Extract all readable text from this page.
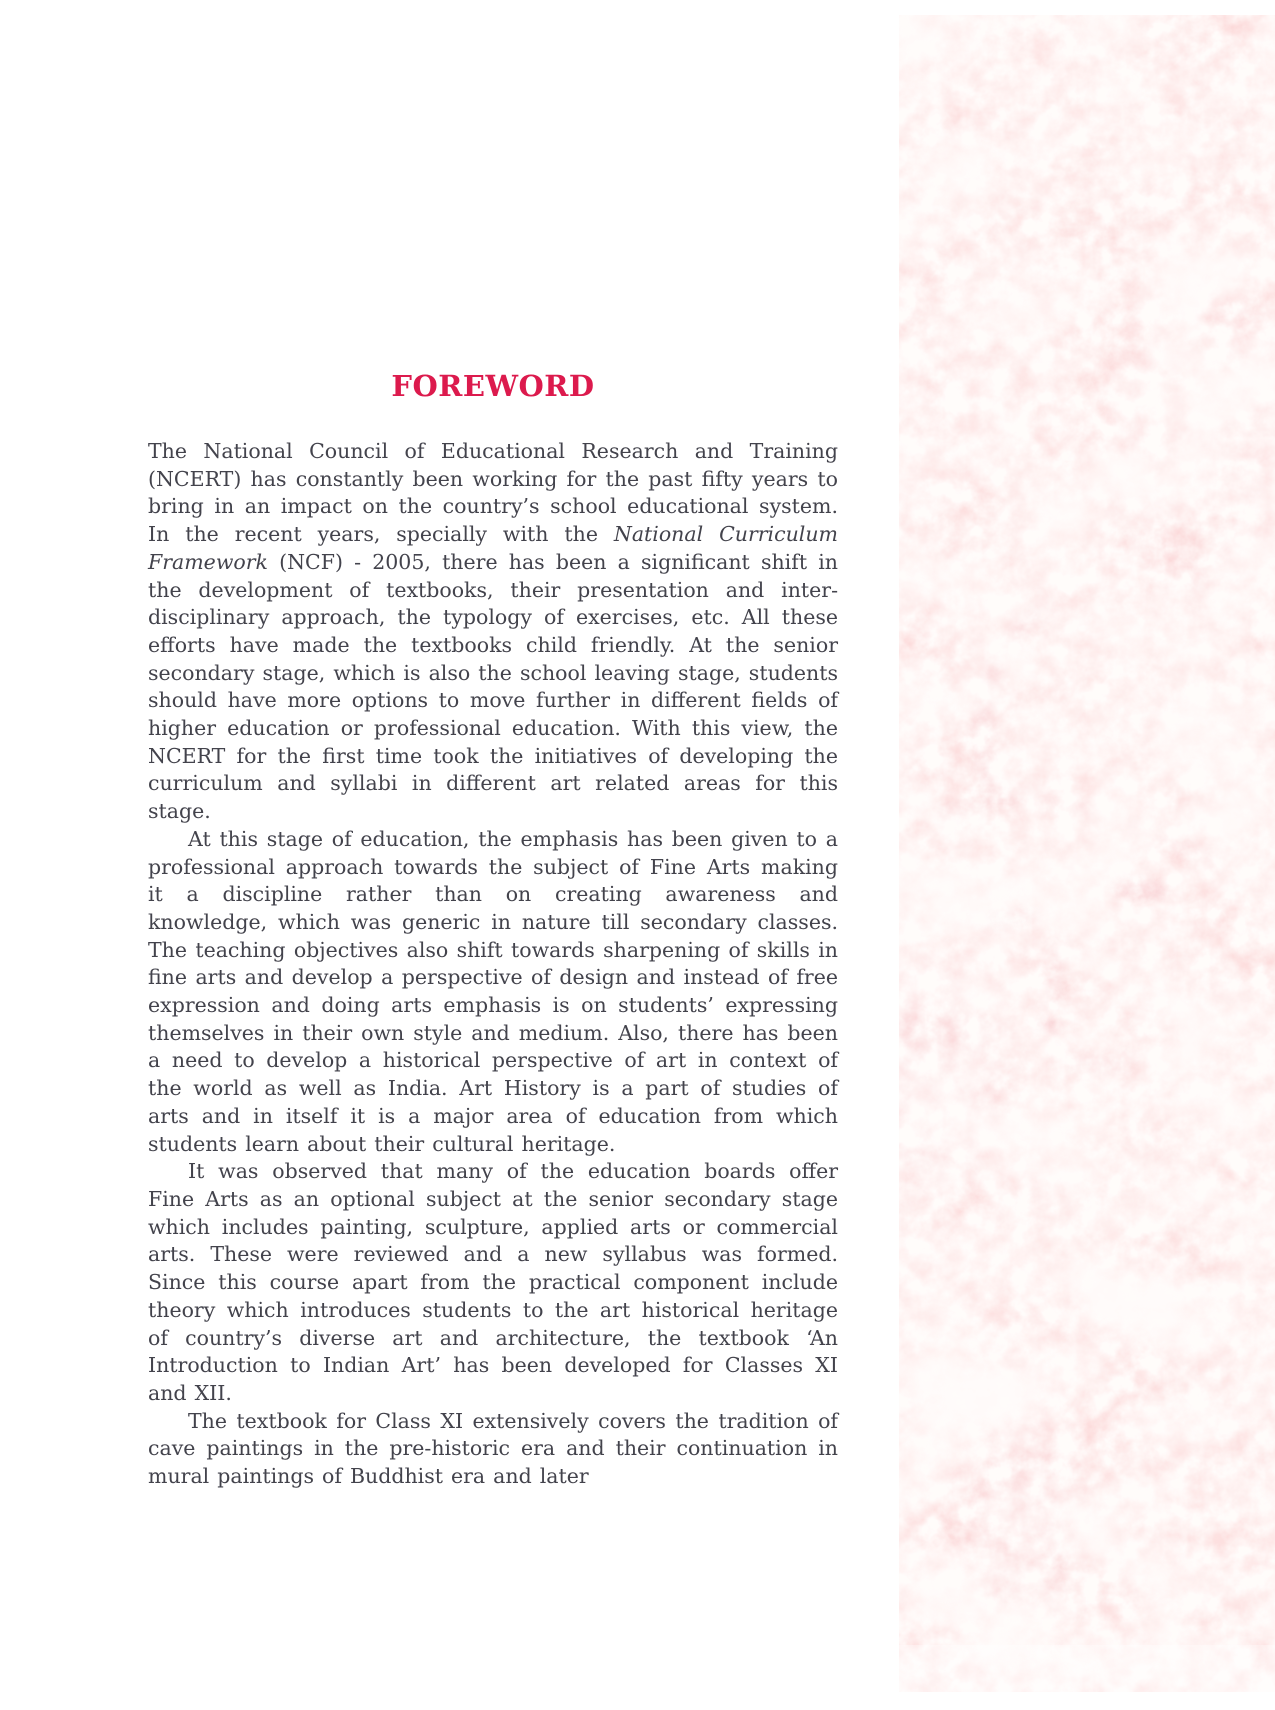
FOREWORD

The National Council of Educational Research and Training (NCERT) has constantly been working for the past fifty years to bring in an impact on the country’s school educational system. In the recent years, specially with the National Curriculum Framework (NCF) - 2005, there has been a significant shift in the development of textbooks, their presentation and inter-disciplinary approach, the typology of exercises, etc. All these efforts have made the textbooks child friendly. At the senior secondary stage, which is also the school leaving stage, students should have more options to move further in different fields of higher education or professional education. With this view, the NCERT for the first time took the initiatives of developing the curriculum and syllabi in different art related areas for this stage.

At this stage of education, the emphasis has been given to a professional approach towards the subject of Fine Arts making it a discipline rather than on creating awareness and knowledge, which was generic in nature till secondary classes. The teaching objectives also shift towards sharpening of skills in fine arts and develop a perspective of design and instead of free expression and doing arts emphasis is on students’ expressing themselves in their own style and medium. Also, there has been a need to develop a historical perspective of art in context of the world as well as India. Art History is a part of studies of arts and in itself it is a major area of education from which students learn about their cultural heritage.

It was observed that many of the education boards offer Fine Arts as an optional subject at the senior secondary stage which includes painting, sculpture, applied arts or commercial arts. These were reviewed and a new syllabus was formed. Since this course apart from the practical component include theory which introduces students to the art historical heritage of country’s diverse art and architecture, the textbook ‘An Introduction to Indian Art’ has been developed for Classes XI and XII.

The textbook for Class XI extensively covers the tradition of cave paintings in the pre-historic era and their continuation in mural paintings of Buddhist era and later
